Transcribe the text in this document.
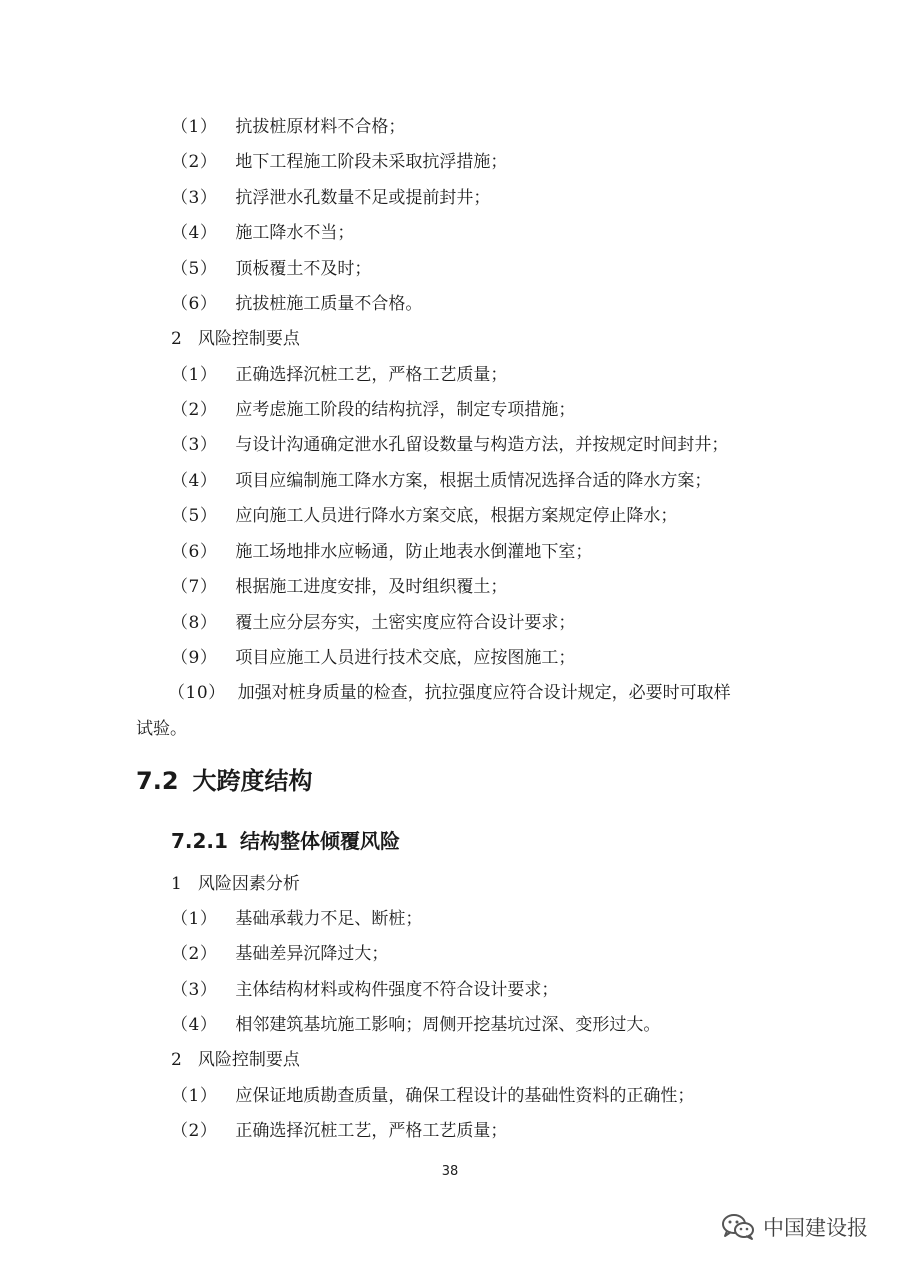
（1） 抗拔桩原材料不合格；
（2） 地下工程施工阶段未采取抗浮措施；
（3） 抗浮泄水孔数量不足或提前封井；
（4） 施工降水不当；
（5） 顶板覆土不及时；
（6） 抗拔桩施工质量不合格。
2 风险控制要点
（1） 正确选择沉桩工艺，严格工艺质量；
（2） 应考虑施工阶段的结构抗浮，制定专项措施；
（3） 与设计沟通确定泄水孔留设数量与构造方法，并按规定时间封井；
（4） 项目应编制施工降水方案，根据土质情况选择合适的降水方案；
（5） 应向施工人员进行降水方案交底，根据方案规定停止降水；
（6） 施工场地排水应畅通，防止地表水倒灌地下室；
（7） 根据施工进度安排，及时组织覆土；
（8） 覆土应分层夯实，土密实度应符合设计要求；
（9） 项目应施工人员进行技术交底，应按图施工；
（10） 加强对桩身质量的检查，抗拉强度应符合设计规定，必要时可取样
试验。
7.2 大跨度结构
7.2.1 结构整体倾覆风险
1 风险因素分析
（1） 基础承载力不足、断桩；
（2） 基础差异沉降过大；
（3） 主体结构材料或构件强度不符合设计要求；
（4） 相邻建筑基坑施工影响；周侧开挖基坑过深、变形过大。
2 风险控制要点
（1） 应保证地质勘查质量，确保工程设计的基础性资料的正确性；
（2） 正确选择沉桩工艺，严格工艺质量；
38
中国建设报
